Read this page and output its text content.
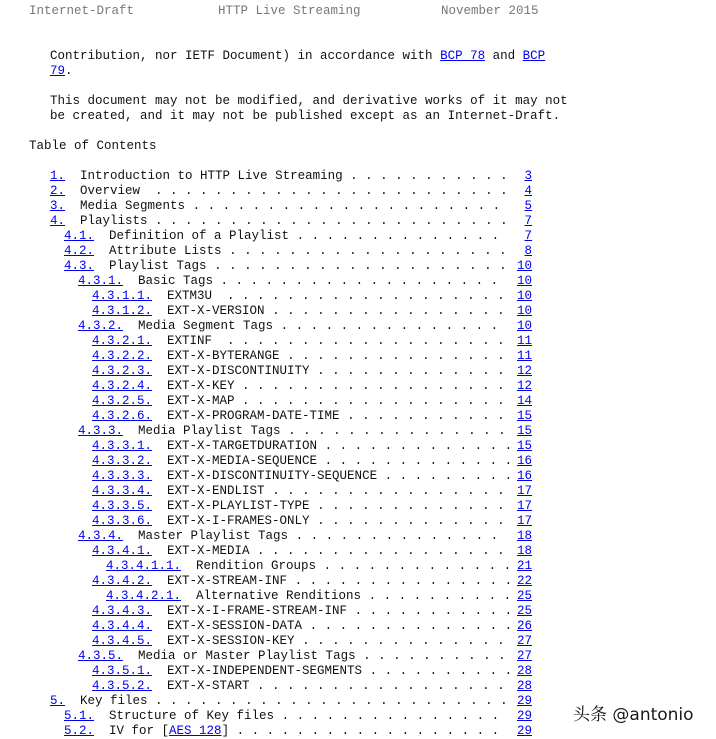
Internet-Draft	HTTP Live Streaming	November 2015
Contribution, nor IETF Document) in accordance with BCP 78 and BCP
79.
This document may not be modified, and derivative works of it may not
be created, and it may not be published except as an Internet-Draft.
Table of Contents
1. Introduction to HTTP Live Streaming . . . . . . . . . . . 3
2. Overview  . . . . . . . . . . . . . . . . . . . . . . . . 4
3. Media Segments . . . . . . . . . . . . . . . . . . . . . 5
4. Playlists . . . . . . . . . . . . . . . . . . . . . . . . 7
4.1. Definition of a Playlist . . . . . . . . . . . . . . 7
4.2. Attribute Lists . . . . . . . . . . . . . . . . . . . 8
4.3. Playlist Tags . . . . . . . . . . . . . . . . . . . . 10
4.3.1. Basic Tags . . . . . . . . . . . . . . . . . . . 10
4.3.1.1. EXTM3U  . . . . . . . . . . . . . . . . . . . 10
4.3.1.2. EXT-X-VERSION . . . . . . . . . . . . . . . . 10
4.3.2. Media Segment Tags . . . . . . . . . . . . . . . 10
4.3.2.1. EXTINF  . . . . . . . . . . . . . . . . . . . 11
4.3.2.2. EXT-X-BYTERANGE . . . . . . . . . . . . . . . 11
4.3.2.3. EXT-X-DISCONTINUITY . . . . . . . . . . . . . 12
4.3.2.4. EXT-X-KEY . . . . . . . . . . . . . . . . . . 12
4.3.2.5. EXT-X-MAP . . . . . . . . . . . . . . . . . . 14
4.3.2.6. EXT-X-PROGRAM-DATE-TIME . . . . . . . . . . . 15
4.3.3. Media Playlist Tags . . . . . . . . . . . . . . . 15
4.3.3.1. EXT-X-TARGETDURATION . . . . . . . . . . . . . 15
4.3.3.2. EXT-X-MEDIA-SEQUENCE . . . . . . . . . . . . . 16
4.3.3.3. EXT-X-DISCONTINUITY-SEQUENCE . . . . . . . . . 16
4.3.3.4. EXT-X-ENDLIST . . . . . . . . . . . . . . . . 17
4.3.3.5. EXT-X-PLAYLIST-TYPE . . . . . . . . . . . . . 17
4.3.3.6. EXT-X-I-FRAMES-ONLY . . . . . . . . . . . . . 17
4.3.4. Master Playlist Tags . . . . . . . . . . . . . . 18
4.3.4.1. EXT-X-MEDIA . . . . . . . . . . . . . . . . . 18
4.3.4.1.1. Rendition Groups . . . . . . . . . . . . . 21
4.3.4.2. EXT-X-STREAM-INF . . . . . . . . . . . . . . . 22
4.3.4.2.1. Alternative Renditions . . . . . . . . . . 25
4.3.4.3. EXT-X-I-FRAME-STREAM-INF . . . . . . . . . . . 25
4.3.4.4. EXT-X-SESSION-DATA . . . . . . . . . . . . . . 26
4.3.4.5. EXT-X-SESSION-KEY . . . . . . . . . . . . . . 27
4.3.5. Media or Master Playlist Tags . . . . . . . . . . 27
4.3.5.1. EXT-X-INDEPENDENT-SEGMENTS . . . . . . . . . . 28
4.3.5.2. EXT-X-START . . . . . . . . . . . . . . . . . 28
5. Key files . . . . . . . . . . . . . . . . . . . . . . . . 29
5.1. Structure of Key files . . . . . . . . . . . . . . . 29
5.2. IV for [AES_128] . . . . . . . . . . . . . . . . . . 29
头条 @antonio
